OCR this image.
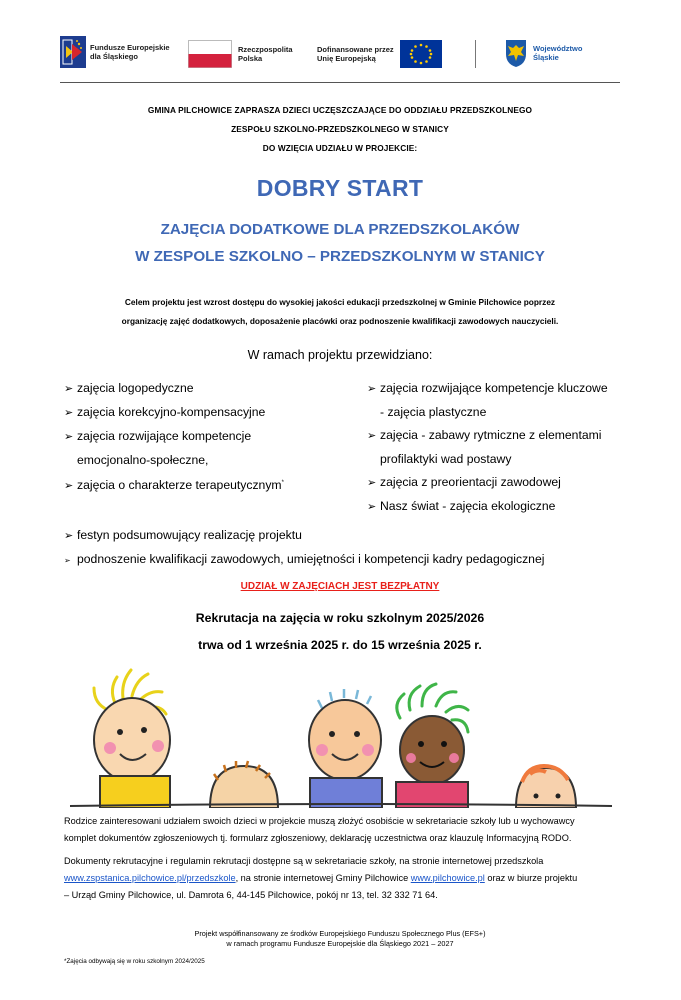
Fundusze Europejskie
dla Śląskiego
Rzeczpospolita
Polska
Dofinansowane przez
Unię Europejską
Województwo
Śląskie
GMINA PILCHOWICE ZAPRASZA DZIECI UCZĘSZCZAJĄCE DO ODDZIAŁU PRZEDSZKOLNEGO
ZESPOŁU SZKOLNO-PRZEDSZKOLNEGO W STANICY
DO WZIĘCIA UDZIAŁU W PROJEKCIE:
DOBRY START
ZAJĘCIA DODATKOWE DLA PRZEDSZKOLAKÓW
W ZESPOLE SZKOLNO – PRZEDSZKOLNYM W STANICY
Celem projektu jest wzrost dostępu do wysokiej jakości edukacji przedszkolnej w Gminie Pilchowice poprzez
organizację zajęć dodatkowych, doposażenie placówki oraz podnoszenie kwalifikacji zawodowych nauczycieli.
W ramach projektu przewidziano:
➢ zajęcia logopedyczne
➢ zajęcia korekcyjno-kompensacyjne
➢ zajęcia rozwijające kompetencje
emocjonalno-społeczne,
➢ zajęcia o charakterze terapeutycznym*
➢ zajęcia rozwijające kompetencje kluczowe
- zajęcia plastyczne
➢ zajęcia - zabawy rytmiczne z elementami
profilaktyki wad postawy
➢ zajęcia z preorientacji zawodowej
➢ Nasz świat - zajęcia ekologiczne
➢ festyn podsumowujący realizację projektu
➢ podnoszenie kwalifikacji zawodowych, umiejętności i kompetencji kadry pedagogicznej
UDZIAŁ W ZAJĘCIACH JEST BEZPŁATNY
Rekrutacja na zajęcia w roku szkolnym 2025/2026
trwa od 1 września 2025 r. do 15 września 2025 r.
Rodzice zainteresowani udziałem swoich dzieci w projekcie muszą złożyć osobiście w sekretariacie szkoły lub u wychowawcy
komplet dokumentów zgłoszeniowych tj. formularz zgłoszeniowy, deklarację uczestnictwa oraz klauzulę Informacyjną RODO.
Dokumenty rekrutacyjne i regulamin rekrutacji dostępne są w sekretariacie szkoły, na stronie internetowej przedszkola
www.zspstanica.pilchowice.pl/przedszkole, na stronie internetowej Gminy Pilchowice www.pilchowice.pl oraz w biurze projektu
– Urząd Gminy Pilchowice, ul. Damrota 6, 44-145 Pilchowice, pokój nr 13, tel. 32 332 71 64.
Projekt współfinansowany ze środków Europejskiego Funduszu Społecznego Plus (EFS+)
w ramach programu Fundusze Europejskie dla Śląskiego 2021 – 2027
*Zajęcia odbywają się w roku szkolnym 2024/2025
